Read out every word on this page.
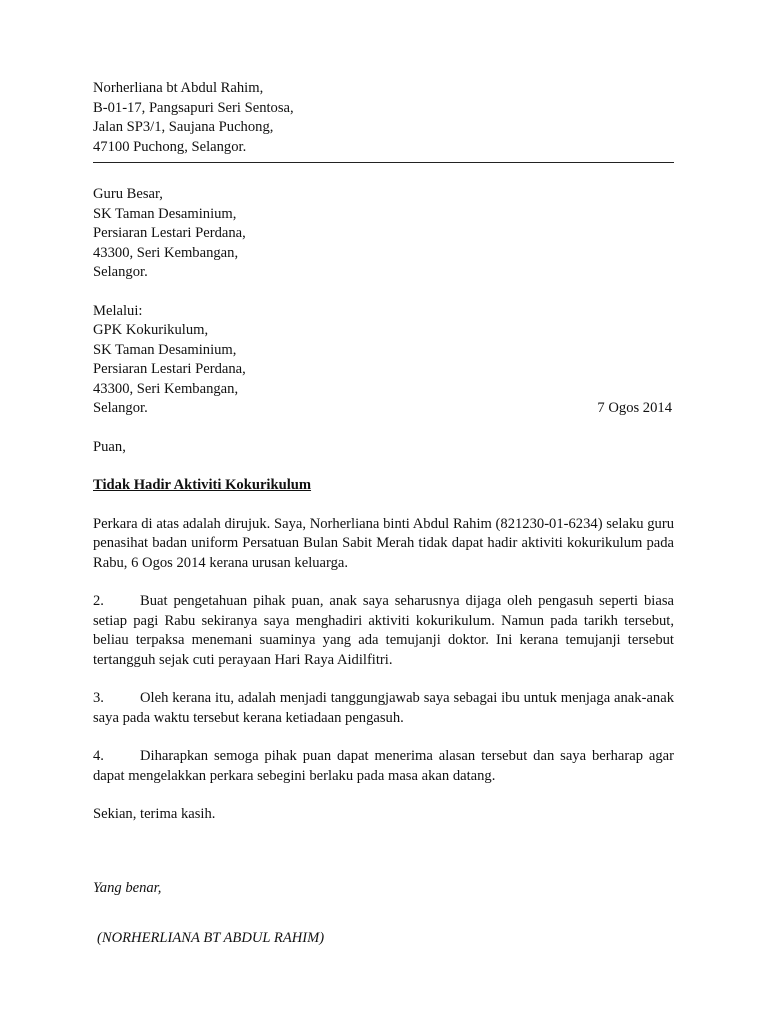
Norherliana bt Abdul Rahim,
B-01-17, Pangsapuri Seri Sentosa,
Jalan SP3/1, Saujana Puchong,
47100 Puchong, Selangor.
Guru Besar,
SK Taman Desaminium,
Persiaran Lestari Perdana,
43300, Seri Kembangan,
Selangor.
Melalui:
GPK Kokurikulum,
SK Taman Desaminium,
Persiaran Lestari Perdana,
43300, Seri Kembangan,
Selangor.	7 Ogos 2014
Puan,
Tidak Hadir Aktiviti Kokurikulum
Perkara di atas adalah dirujuk. Saya, Norherliana binti Abdul Rahim (821230-01-6234) selaku guru penasihat badan uniform Persatuan Bulan Sabit Merah tidak dapat hadir aktiviti kokurikulum pada Rabu, 6 Ogos 2014 kerana urusan keluarga.
2. Buat pengetahuan pihak puan, anak saya seharusnya dijaga oleh pengasuh seperti biasa setiap pagi Rabu sekiranya saya menghadiri aktiviti kokurikulum. Namun pada tarikh tersebut, beliau terpaksa menemani suaminya yang ada temujanji doktor. Ini kerana temujanji tersebut tertangguh sejak cuti perayaan Hari Raya Aidilfitri.
3. Oleh kerana itu, adalah menjadi tanggungjawab saya sebagai ibu untuk menjaga anak-anak saya pada waktu tersebut kerana ketiadaan pengasuh.
4. Diharapkan semoga pihak puan dapat menerima alasan tersebut dan saya berharap agar dapat mengelakkan perkara sebegini berlaku pada masa akan datang.
Sekian, terima kasih.
Yang benar,
(NORHERLIANA BT ABDUL RAHIM)
